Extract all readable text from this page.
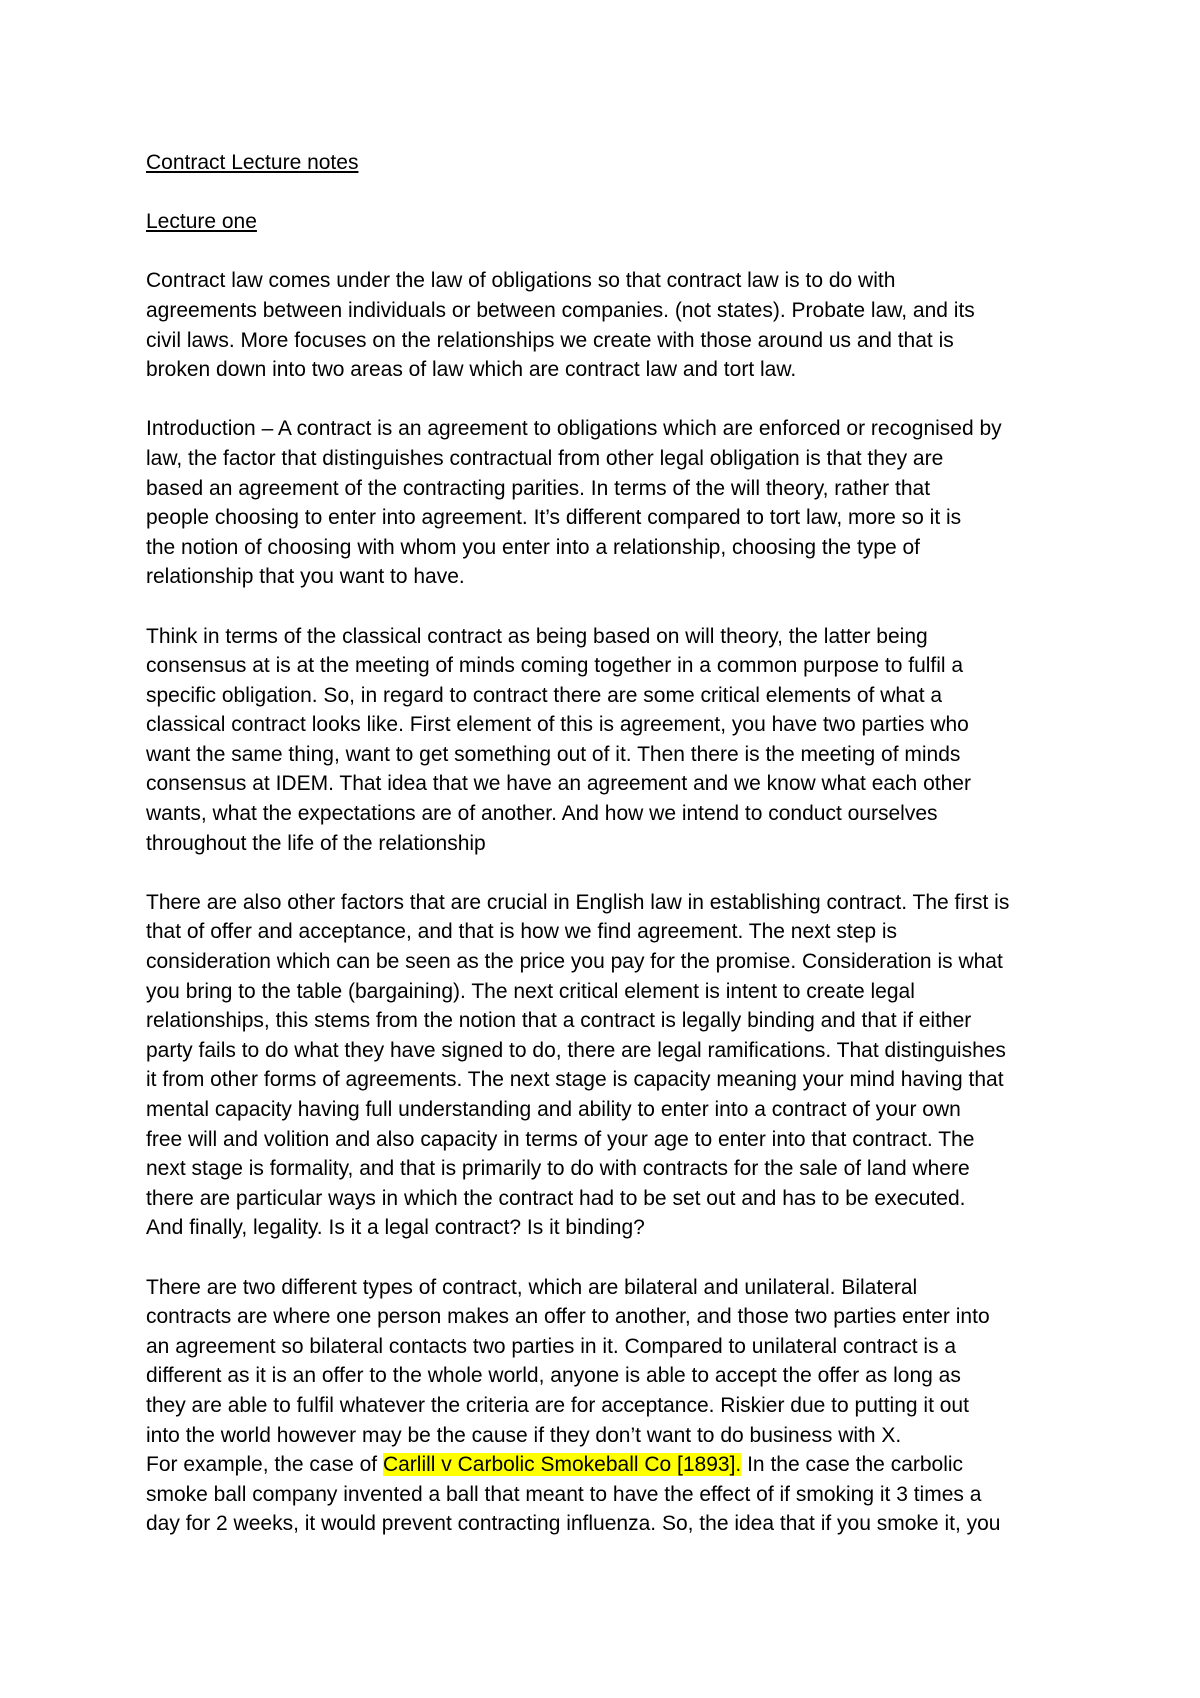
Contract Lecture notes

Lecture one

Contract law comes under the law of obligations so that contract law is to do with
agreements between individuals or between companies. (not states). Probate law, and its
civil laws. More focuses on the relationships we create with those around us and that is
broken down into two areas of law which are contract law and tort law.

Introduction – A contract is an agreement to obligations which are enforced or recognised by
law, the factor that distinguishes contractual from other legal obligation is that they are
based an agreement of the contracting parities. In terms of the will theory, rather that
people choosing to enter into agreement. It’s different compared to tort law, more so it is
the notion of choosing with whom you enter into a relationship, choosing the type of
relationship that you want to have.

Think in terms of the classical contract as being based on will theory, the latter being
consensus at is at the meeting of minds coming together in a common purpose to fulfil a
specific obligation. So, in regard to contract there are some critical elements of what a
classical contract looks like. First element of this is agreement, you have two parties who
want the same thing, want to get something out of it. Then there is the meeting of minds
consensus at IDEM. That idea that we have an agreement and we know what each other
wants, what the expectations are of another. And how we intend to conduct ourselves
throughout the life of the relationship

There are also other factors that are crucial in English law in establishing contract. The first is
that of offer and acceptance, and that is how we find agreement. The next step is
consideration which can be seen as the price you pay for the promise. Consideration is what
you bring to the table (bargaining). The next critical element is intent to create legal
relationships, this stems from the notion that a contract is legally binding and that if either
party fails to do what they have signed to do, there are legal ramifications. That distinguishes
it from other forms of agreements. The next stage is capacity meaning your mind having that
mental capacity having full understanding and ability to enter into a contract of your own
free will and volition and also capacity in terms of your age to enter into that contract. The
next stage is formality, and that is primarily to do with contracts for the sale of land where
there are particular ways in which the contract had to be set out and has to be executed.
And finally, legality. Is it a legal contract? Is it binding?

There are two different types of contract, which are bilateral and unilateral. Bilateral
contracts are where one person makes an offer to another, and those two parties enter into
an agreement so bilateral contacts two parties in it. Compared to unilateral contract is a
different as it is an offer to the whole world, anyone is able to accept the offer as long as
they are able to fulfil whatever the criteria are for acceptance. Riskier due to putting it out
into the world however may be the cause if they don’t want to do business with X.

For example, the case of Carlill v Carbolic Smokeball Co [1893]. In the case the carbolic
smoke ball company invented a ball that meant to have the effect of if smoking it 3 times a
day for 2 weeks, it would prevent contracting influenza. So, the idea that if you smoke it, you
